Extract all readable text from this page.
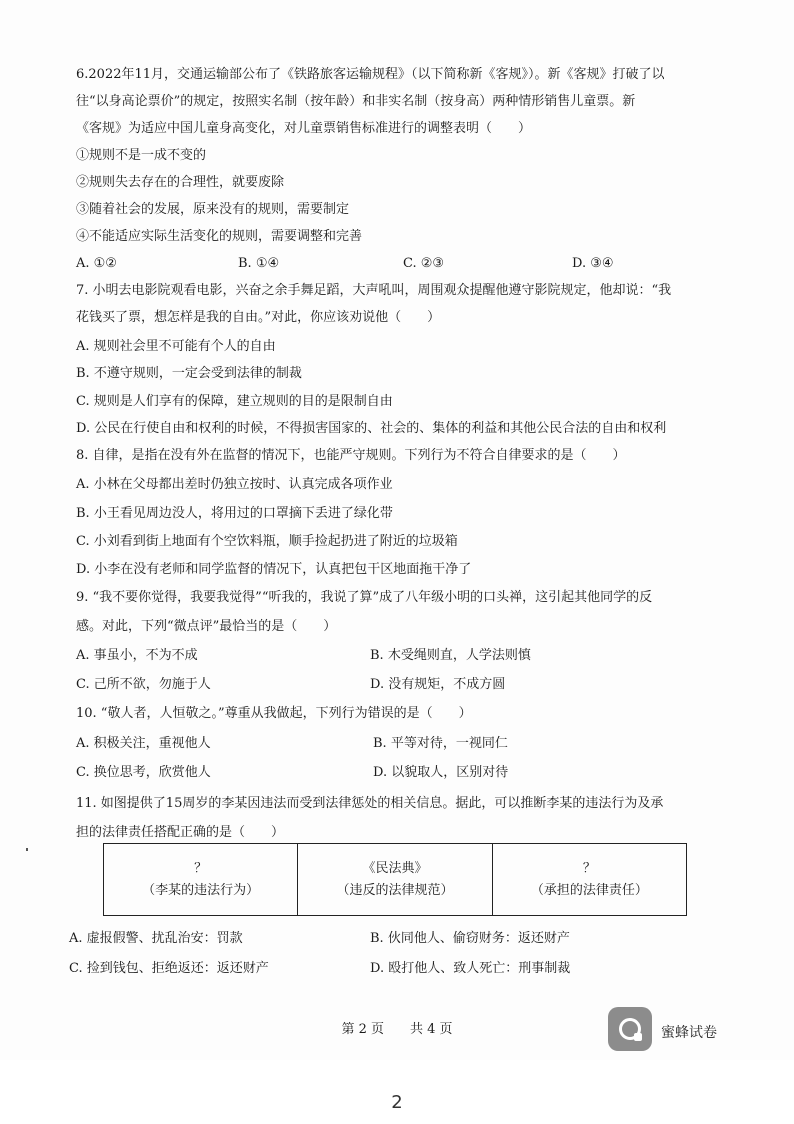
6.2022年11月，交通运输部公布了《铁路旅客运输规程》（以下简称新《客规》）。新《客规》打破了以
往“以身高论票价”的规定，按照实名制（按年龄）和非实名制（按身高）两种情形销售儿童票。新
《客规》为适应中国儿童身高变化，对儿童票销售标准进行的调整表明（　　）
①规则不是一成不变的
②规则失去存在的合理性，就要废除
③随着社会的发展，原来没有的规则，需要制定
④不能适应实际生活变化的规则，需要调整和完善
A. ①②	B. ①④	C. ②③	D. ③④
7. 小明去电影院观看电影，兴奋之余手舞足蹈，大声吼叫，周围观众提醒他遵守影院规定，他却说：“我
花钱买了票，想怎样是我的自由。”对此，你应该劝说他（　　）
A. 规则社会里不可能有个人的自由
B. 不遵守规则，一定会受到法律的制裁
C. 规则是人们享有的保障，建立规则的目的是限制自由
D. 公民在行使自由和权利的时候，不得损害国家的、社会的、集体的利益和其他公民合法的自由和权利
8. 自律，是指在没有外在监督的情况下，也能严守规则。下列行为不符合自律要求的是（　　）
A. 小林在父母都出差时仍独立按时、认真完成各项作业
B. 小王看见周边没人，将用过的口罩摘下丢进了绿化带
C. 小刘看到街上地面有个空饮料瓶，顺手捡起扔进了附近的垃圾箱
D. 小李在没有老师和同学监督的情况下，认真把包干区地面拖干净了
9. “我不要你觉得，我要我觉得”“听我的，我说了算”成了八年级小明的口头禅，这引起其他同学的反
感。对此，下列“微点评”最恰当的是（　　）
A. 事虽小，不为不成	B. 木受绳则直，人学法则慎
C. 己所不欲，勿施于人	D. 没有规矩，不成方圆
10. “敬人者，人恒敬之。”尊重从我做起，下列行为错误的是（　　）
A. 积极关注，重视他人	B. 平等对待，一视同仁
C. 换位思考，欣赏他人	D. 以貌取人，区别对待
11. 如图提供了15周岁的李某因违法而受到法律惩处的相关信息。据此，可以推断李某的违法行为及承
担的法律责任搭配正确的是（　　）
？
（李某的违法行为）

《民法典》
（违反的法律规范）

？
（承担的法律责任）
A. 虚报假警、扰乱治安：罚款	B. 伙同他人、偷窃财务：返还财产
C. 捡到钱包、拒绝返还：返还财产	D. 殴打他人、致人死亡：刑事制裁
第 2 页　　共 4 页	蜜蜂试卷
2
